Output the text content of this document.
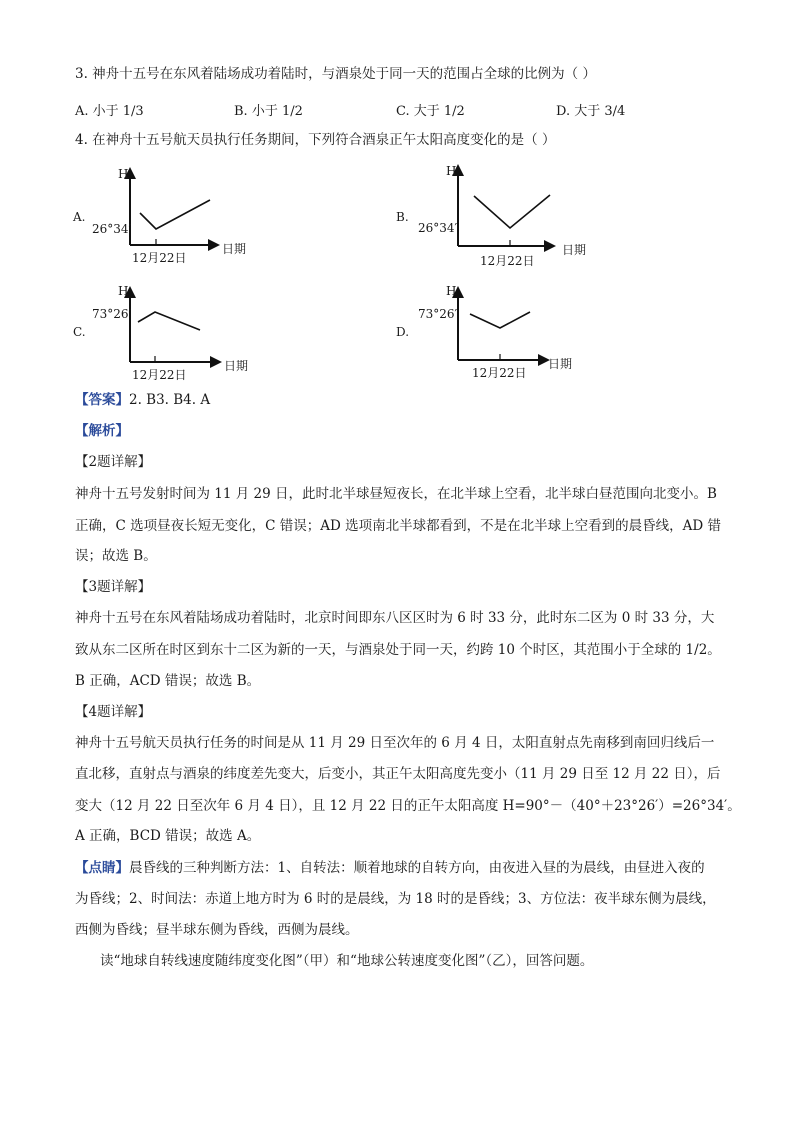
3. 神舟十五号在东风着陆场成功着陆时，与酒泉处于同一天的范围占全球的比例为（ ）
A. 小于 1/3	B. 小于 1/2	C. 大于 1/2	D. 大于 3/4
4. 在神舟十五号航天员执行任务期间，下列符合酒泉正午太阳高度变化的是（ ）
A.
H
26°34′
12月22日
日期
B.
H
26°34′
12月22日
日期
C.
H
73°26′
12月22日
日期
D.
H
73°26′
12月22日
日期
【答案】2. B3. B4. A
【解析】
【2题详解】
神舟十五号发射时间为 11 月 29 日，此时北半球昼短夜长，在北半球上空看，北半球白昼范围向北变小。B
正确，C 选项昼夜长短无变化，C 错误；AD 选项南北半球都看到，不是在北半球上空看到的晨昏线，AD 错
误；故选 B。
【3题详解】
神舟十五号在东风着陆场成功着陆时，北京时间即东八区区时为 6 时 33 分，此时东二区为 0 时 33 分，大
致从东二区所在时区到东十二区为新的一天，与酒泉处于同一天，约跨 10 个时区，其范围小于全球的 1/2。
B 正确，ACD 错误；故选 B。
【4题详解】
神舟十五号航天员执行任务的时间是从 11 月 29 日至次年的 6 月 4 日，太阳直射点先南移到南回归线后一
直北移，直射点与酒泉的纬度差先变大，后变小，其正午太阳高度先变小（11 月 29 日至 12 月 22 日），后
变大（12 月 22 日至次年 6 月 4 日），且 12 月 22 日的正午太阳高度 H=90°－（40°＋23°26′）=26°34′。
A 正确，BCD 错误；故选 A。
【点睛】晨昏线的三种判断方法：1、自转法：顺着地球的自转方向，由夜进入昼的为晨线，由昼进入夜的
为昏线；2、时间法：赤道上地方时为 6 时的是晨线，为 18 时的是昏线；3、方位法：夜半球东侧为晨线，
西侧为昏线；昼半球东侧为昏线，西侧为晨线。
读“地球自转线速度随纬度变化图”（甲）和“地球公转速度变化图”（乙），回答问题。
